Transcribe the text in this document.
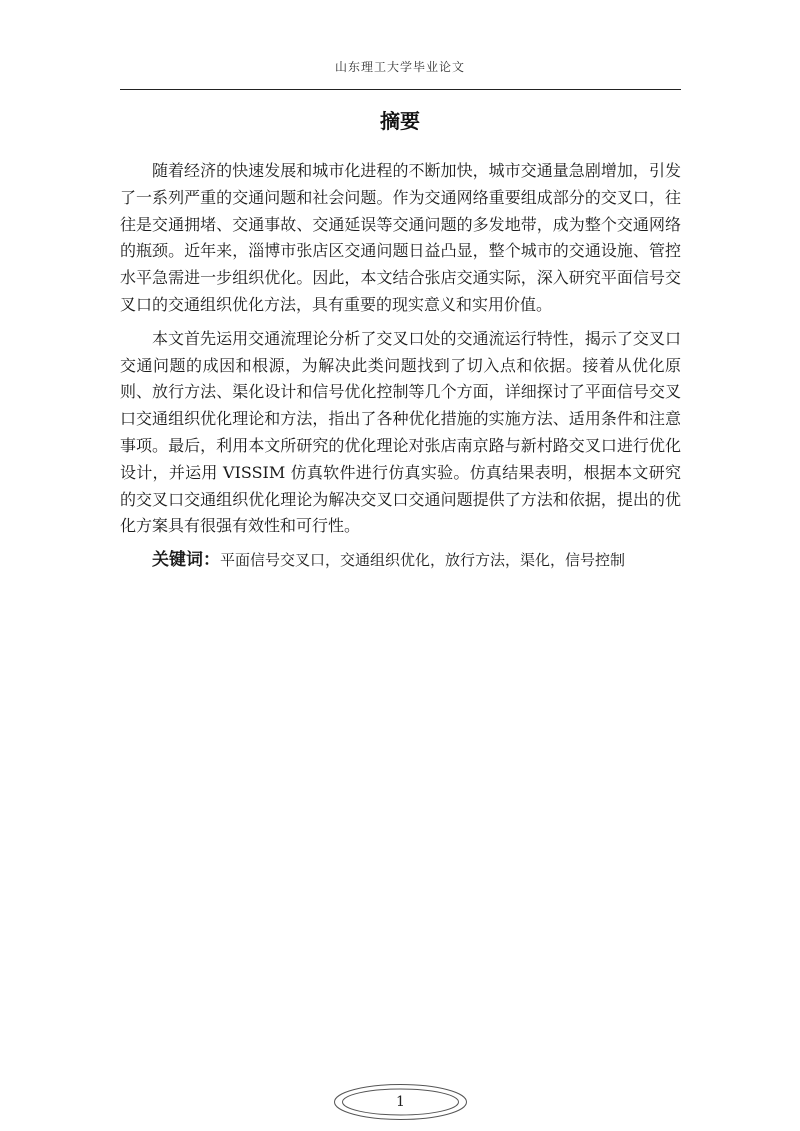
山东理工大学毕业论文
摘要

随着经济的快速发展和城市化进程的不断加快，城市交通量急剧增加，引发了一系列严重的交通问题和社会问题。作为交通网络重要组成部分的交叉口，往往是交通拥堵、交通事故、交通延误等交通问题的多发地带，成为整个交通网络的瓶颈。近年来，淄博市张店区交通问题日益凸显，整个城市的交通设施、管控水平急需进一步组织优化。因此，本文结合张店交通实际，深入研究平面信号交叉口的交通组织优化方法，具有重要的现实意义和实用价值。

本文首先运用交通流理论分析了交叉口处的交通流运行特性，揭示了交叉口交通问题的成因和根源，为解决此类问题找到了切入点和依据。接着从优化原则、放行方法、渠化设计和信号优化控制等几个方面，详细探讨了平面信号交叉口交通组织优化理论和方法，指出了各种优化措施的实施方法、适用条件和注意事项。最后，利用本文所研究的优化理论对张店南京路与新村路交叉口进行优化设计，并运用 VISSIM 仿真软件进行仿真实验。仿真结果表明，根据本文研究的交叉口交通组织优化理论为解决交叉口交通问题提供了方法和依据，提出的优化方案具有很强有效性和可行性。

关键词：平面信号交叉口，交通组织优化，放行方法，渠化，信号控制

1
